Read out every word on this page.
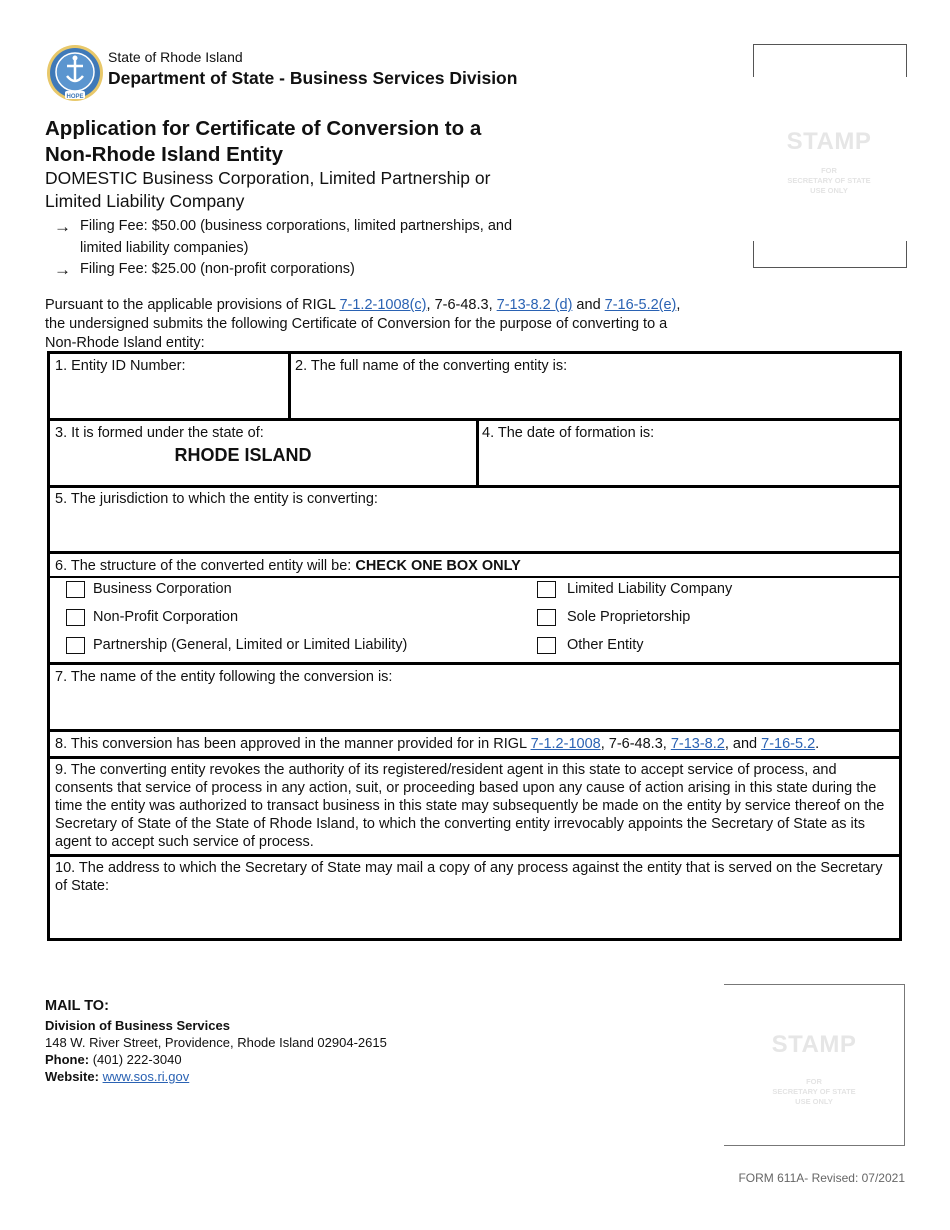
HOPE
State of Rhode Island
Department of State - Business Services Division
Application for Certificate of Conversion to a
Non-Rhode Island Entity
DOMESTIC Business Corporation, Limited Partnership or
Limited Liability Company
→ Filing Fee: $50.00 (business corporations, limited partnerships, and
limited liability companies)
→ Filing Fee: $25.00 (non-profit corporations)
Pursuant to the applicable provisions of RIGL 7-1.2-1008(c), 7-6-48.3, 7-13-8.2 (d) and 7-16-5.2(e), the undersigned submits the following Certificate of Conversion for the purpose of converting to a Non-Rhode Island entity:
STAMP
FOR
SECRETARY OF STATE
USE ONLY
1. Entity ID Number:	2. The full name of the converting entity is:
3. It is formed under the state of:
RHODE ISLAND
4. The date of formation is:
5. The jurisdiction to which the entity is converting:
6. The structure of the converted entity will be: CHECK ONE BOX ONLY
Business Corporation
Non-Profit Corporation
Partnership (General, Limited or Limited Liability)
Limited Liability Company
Sole Proprietorship
Other Entity
7. The name of the entity following the conversion is:
8. This conversion has been approved in the manner provided for in RIGL 7-1.2-1008, 7-6-48.3, 7-13-8.2, and 7-16-5.2.
9. The converting entity revokes the authority of its registered/resident agent in this state to accept service of process, and consents that service of process in any action, suit, or proceeding based upon any cause of action arising in this state during the time the entity was authorized to transact business in this state may subsequently be made on the entity by service thereof on the Secretary of State of the State of Rhode Island, to which the converting entity irrevocably appoints the Secretary of State as its agent to accept such service of process.
10. The address to which the Secretary of State may mail a copy of any process against the entity that is served on the Secretary of State:
MAIL TO:
Division of Business Services
148 W. River Street, Providence, Rhode Island 02904-2615
Phone: (401) 222-3040
Website: www.sos.ri.gov
STAMP
FOR
SECRETARY OF STATE
USE ONLY
FORM 611A- Revised: 07/2021
